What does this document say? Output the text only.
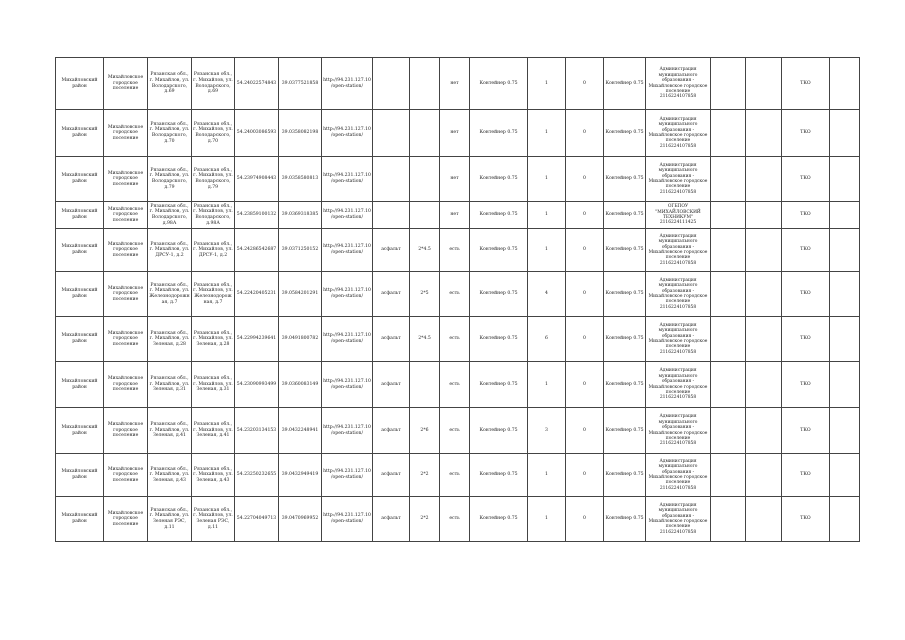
Михайловский район	Михайловское городское поселение	Рязанская обл., г. Михайлов, ул. Володарского, д.69	Рязанская обл., г. Михайлов, ул. Володарского, д.69	54.24022574843	39.0377521858	http://94.231.127.10/open-station/			нет	Контейнер 0.75	1	0	Контейнер 0.75	Администрация муниципального образования - Михайловское городское поселение 2116224107858			ТКО	
Михайловский район	Михайловское городское поселение	Рязанская обл., г. Михайлов, ул. Володарского, д.70	Рязанская обл., г. Михайлов, ул. Володарского, д.70	54.24003086593	39.0358082198	http://94.231.127.10/open-station/			нет	Контейнер 0.75	1	0	Контейнер 0.75	Администрация муниципального образования - Михайловское городское поселение 2116224107858			ТКО	
Михайловский район	Михайловское городское поселение	Рязанская обл., г. Михайлов, ул. Володарского, д.79	Рязанская обл., г. Михайлов, ул. Володарского, д.79	54.23974908443	39.0358580813	http://94.231.127.10/open-station/			нет	Контейнер 0.75	1	0	Контейнер 0.75	Администрация муниципального образования - Михайловское городское поселение 2116224107858			ТКО	
Михайловский район	Михайловское городское поселение	Рязанская обл., г. Михайлов, ул. Володарского, д.98А	Рязанская обл., г. Михайлов, ул. Володарского, д.98А	54.23859100132	39.0369318385	http://94.231.127.10/open-station/			нет	Контейнер 0.75	1	0	Контейнер 0.75	ОГБПОУ "МИХАЙЛОВСКИЙ ТЕХНИКУМ" 2116224111425			ТКО	
Михайловский район	Михайловское городское поселение	Рязанская обл., г. Михайлов, ул. ДРСУ-1, д.2	Рязанская обл., г. Михайлов, ул. ДРСУ-1, д.2	54.24286542687	39.0371250152	http://94.231.127.10/open-station/	асфальт	2*4.5	есть	Контейнер 0.75	1	0	Контейнер 0.75	Администрация муниципального образования - Михайловское городское поселение 2116224107858			ТКО	
Михайловский район	Михайловское городское поселение	Рязанская обл., г. Михайлов, ул. Железнодорожная, д.7	Рязанская обл., г. Михайлов, ул. Железнодорожная, д.7	54.22420405231	39.0584201291	http://94.231.127.10/open-station/	асфальт	2*5	есть	Контейнер 0.75	4	0	Контейнер 0.75	Администрация муниципального образования - Михайловское городское поселение 2116224107858			ТКО	
Михайловский район	Михайловское городское поселение	Рязанская обл., г. Михайлов, ул. Зеленая, д.28	Рязанская обл., г. Михайлов, ул. Зеленая, д.28	54.22994239641	39.0491800782	http://94.231.127.10/open-station/	асфальт	2*4.5	есть	Контейнер 0.75	6	0	Контейнер 0.75	Администрация муниципального образования - Михайловское городское поселение 2116224107858			ТКО	
Михайловский район	Михайловское городское поселение	Рязанская обл., г. Михайлов, ул. Зеленая, д.31	Рязанская обл., г. Михайлов, ул. Зеленая, д.31	54.23090993499	39.0360083149	http://94.231.127.10/open-station/	асфальт		есть	Контейнер 0.75	1	0	Контейнер 0.75	Администрация муниципального образования - Михайловское городское поселение 2116224107858			ТКО	
Михайловский район	Михайловское городское поселение	Рязанская обл., г. Михайлов, ул. Зеленая, д.41	Рязанская обл., г. Михайлов, ул. Зеленая, д.41	54.23203134153	39.0432248941	http://94.231.127.10/open-station/	асфальт	2*6	есть	Контейнер 0.75	3	0	Контейнер 0.75	Администрация муниципального образования - Михайловское городское поселение 2116224107858			ТКО	
Михайловский район	Михайловское городское поселение	Рязанская обл., г. Михайлов, ул. Зеленая, д.43	Рязанская обл., г. Михайлов, ул. Зеленая, д.43	54.23250232655	39.0432949419	http://94.231.127.10/open-station/	асфальт	2*2	есть	Контейнер 0.75	1	0	Контейнер 0.75	Администрация муниципального образования - Михайловское городское поселение 2116224107858			ТКО	
Михайловский район	Михайловское городское поселение	Рязанская обл., г. Михайлов, ул. Зеленая РЭС, д.11	Рязанская обл., г. Михайлов, ул. Зеленая РЭС, д.11	54.22704049713	39.0470969952	http://94.231.127.10/open-station/	асфальт	2*2	есть	Контейнер 0.75	1	0	Контейнер 0.75	Администрация муниципального образования - Михайловское городское поселение 2116224107858			ТКО	
